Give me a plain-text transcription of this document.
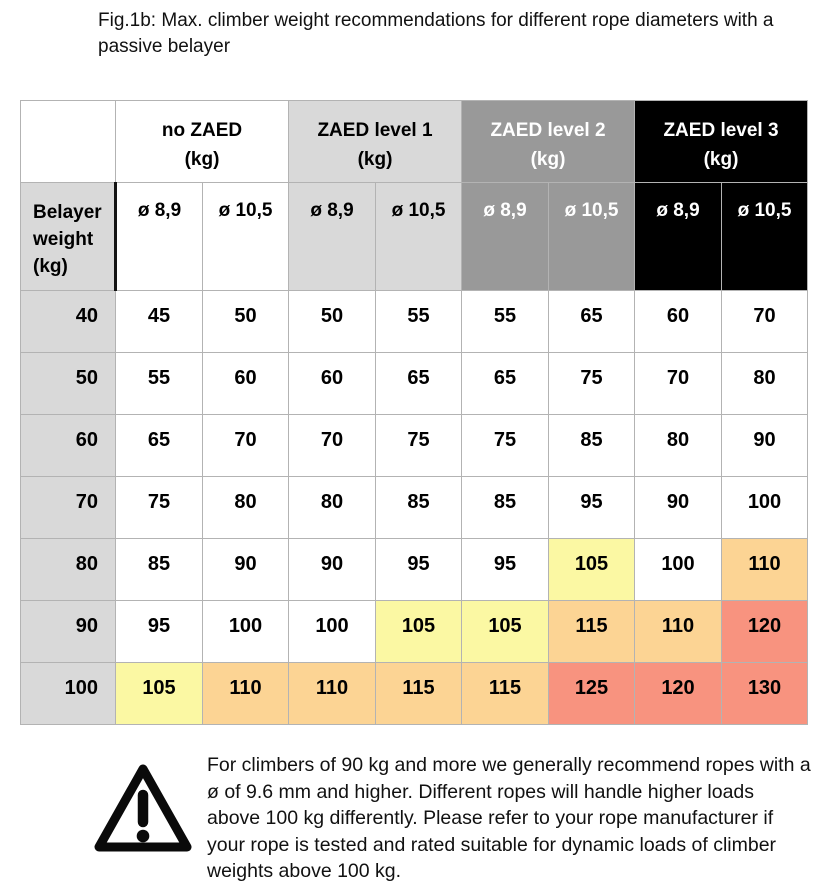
Fig.1b: Max. climber weight recommendations for different rope diameters with a passive belayer

no ZAED
(kg)

ZAED level 1
(kg)

ZAED level 2
(kg)

ZAED level 3
(kg)

Belayer weight (kg)	ø 8,9	ø 10,5	ø 8,9	ø 10,5	ø 8,9	ø 10,5	ø 8,9	ø 10,5
40	45	50	50	55	55	65	60	70
50	55	60	60	65	65	75	70	80
60	65	70	70	75	75	85	80	90
70	75	80	80	85	85	95	90	100
80	85	90	90	95	95	105	100	110
90	95	100	100	105	105	115	110	120
100	105	110	110	115	115	125	120	130
For climbers of 90 kg and more we generally recommend ropes with a ø of 9.6 mm and higher. Different ropes will handle higher loads above 100 kg differently. Please refer to your rope manufacturer if your rope is tested and rated suitable for dynamic loads of climber weights above 100 kg.
